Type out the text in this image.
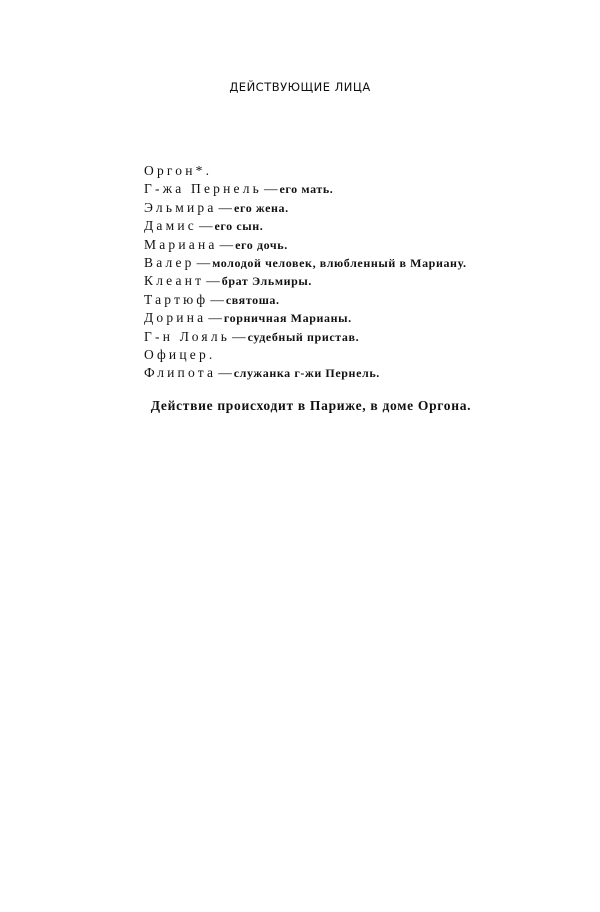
ДЕЙСТВУЮЩИЕ ЛИЦА
Оргон*.
Г-жа Пернель — его мать.
Эльмира — его жена.
Дамис — его сын.
Мариана — его дочь.
Валер — молодой человек, влюбленный в Мариану.
Клеант — брат Эльмиры.
Тартюф — святоша.
Дорина — горничная Марианы.
Г-н Лояль — судебный пристав.
Офицер.
Флипота — служанка г-жи Пернель.
Действие происходит в Париже, в доме Оргона.
